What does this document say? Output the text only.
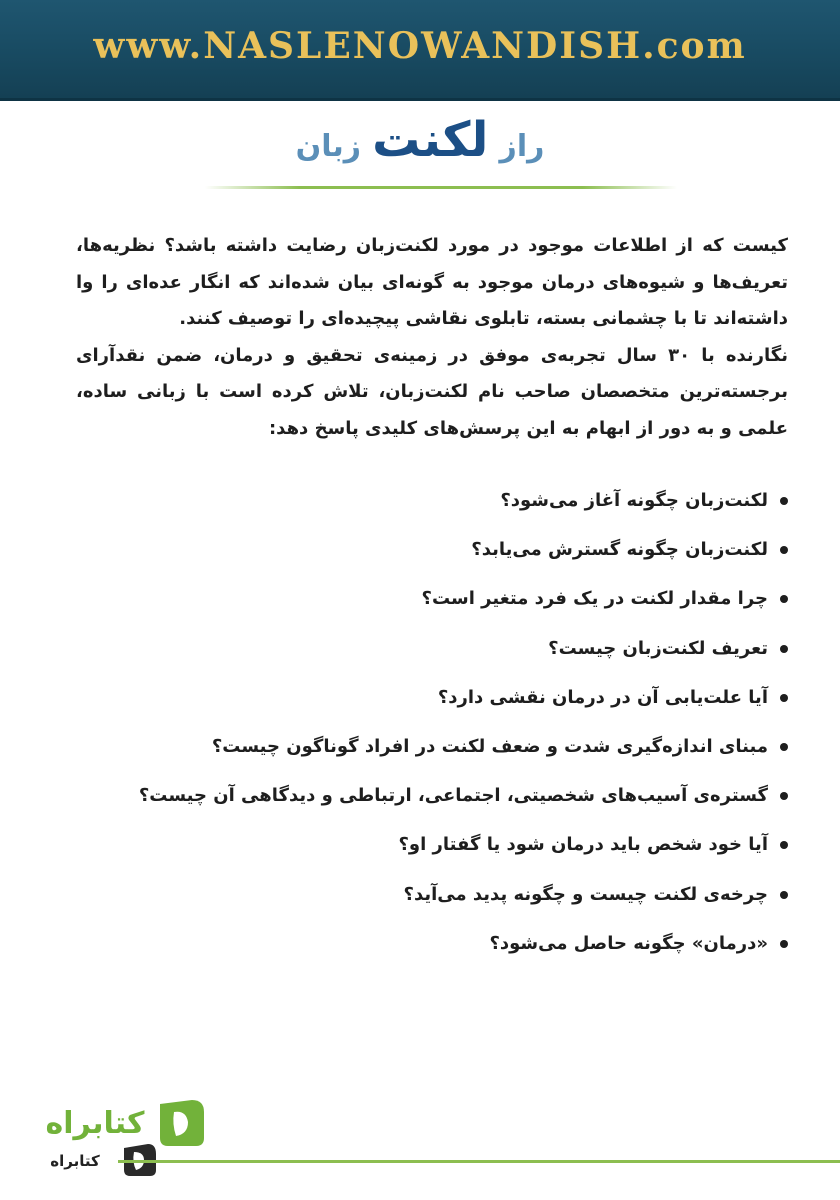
www.NASLENOWANDISH.com
راز لکنت زبان

کیست که از اطلاعات موجود در مورد لکنت‌زبان رضایت داشته باشد؟ نظریه‌ها، تعریف‌ها و شیوه‌های درمان موجود به گونه‌ای بیان شده‌اند که انگار عده‌ای را وا داشته‌اند تا با چشمانی بسته، تابلوی نقاشی پیچیده‌ای را توصیف کنند.

نگارنده با ۳۰ سال تجربه‌ی موفق در زمینه‌ی تحقیق و درمان، ضمن نقدآرای برجسته‌ترین متخصصان صاحب نام لکنت‌زبان، تلاش کرده است با زبانی ساده، علمی و به دور از ابهام به این پرسش‌های کلیدی پاسخ دهد:

لکنت‌زبان چگونه آغاز می‌شود؟
لکنت‌زبان چگونه گسترش می‌یابد؟
چرا مقدار لکنت در یک فرد متغیر است؟
تعریف لکنت‌زبان چیست؟
آیا علت‌یابی آن در درمان نقشی دارد؟
مبنای اندازه‌گیری شدت و ضعف لکنت در افراد گوناگون چیست؟
گستره‌ی آسیب‌های شخصیتی، اجتماعی، ارتباطی و دیدگاهی آن چیست؟
آیا خود شخص باید درمان شود یا گفتار او؟
چرخه‌ی لکنت چیست و چگونه پدید می‌آید؟
«درمان» چگونه حاصل می‌شود؟
کتابراه
کتابراه
